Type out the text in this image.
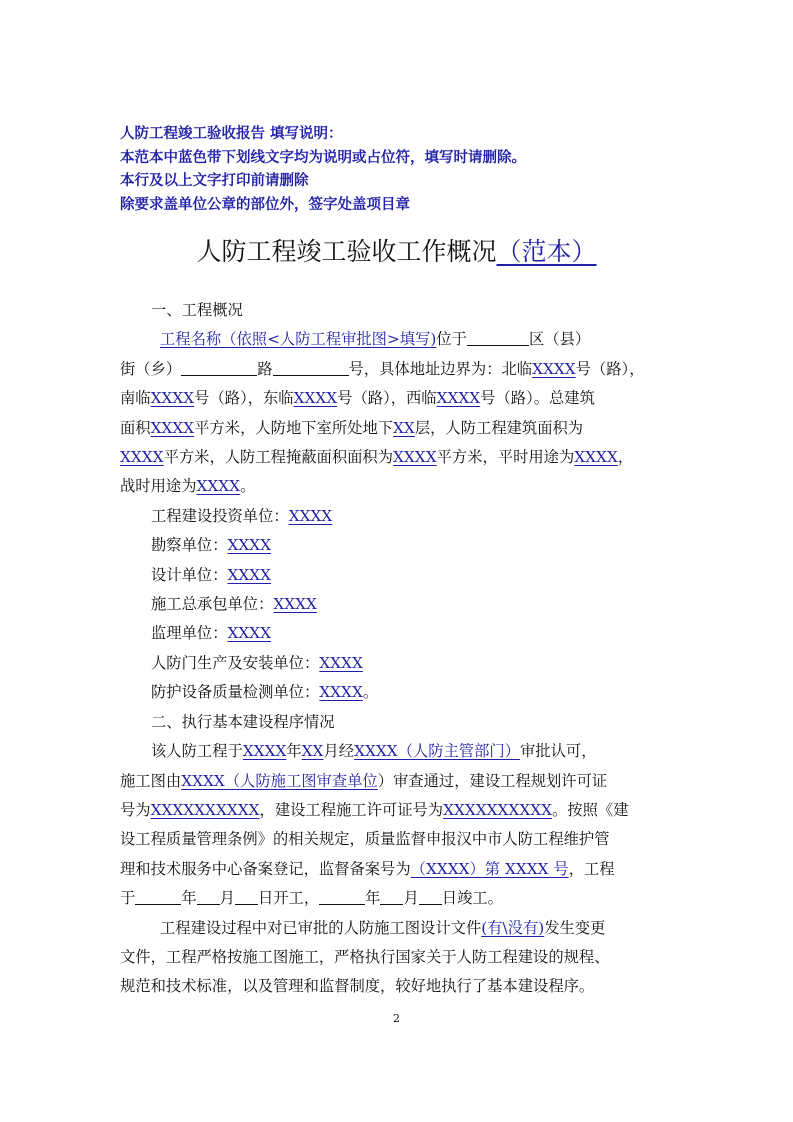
人防工程竣工验收报告 填写说明：
本范本中蓝色带下划线文字均为说明或占位符，填写时请删除。
本行及以上文字打印前请删除
除要求盖单位公章的部位外，签字处盖项目章
人防工程竣工验收工作概况（范本）
一、工程概况
工程名称（依照<人防工程审批图>填写)位于	区（县）
街（乡）	路	号，具体地址边界为：北临XXXX号（路），
南临XXXX号（路），东临XXXX号（路），西临XXXX号（路）。总建筑
面积XXXX平方米，人防地下室所处地下XX层，人防工程建筑面积为
XXXX平方米，人防工程掩蔽面积面积为XXXX平方米，平时用途为XXXX，
战时用途为XXXX。
工程建设投资单位：XXXX
勘察单位：XXXX
设计单位：XXXX
施工总承包单位：XXXX
监理单位：XXXX
人防门生产及安装单位：XXXX
防护设备质量检测单位：XXXX。
二、执行基本建设程序情况
该人防工程于XXXX年XX月经XXXX（人防主管部门）审批认可，
施工图由XXXX（人防施工图审查单位）审查通过，建设工程规划许可证
号为XXXXXXXXXX，建设工程施工许可证号为XXXXXXXXXX。按照《建
设工程质量管理条例》的相关规定，质量监督申报汉中市人防工程维护管
理和技术服务中心备案登记，监督备案号为（XXXX）第 XXXX 号，工程
于	年 月 日开工，	年 月 日竣工。
工程建设过程中对已审批的人防施工图设计文件(有\没有)发生变更
文件，工程严格按施工图施工，严格执行国家关于人防工程建设的规程、
规范和技术标准，以及管理和监督制度，较好地执行了基本建设程序。
2
